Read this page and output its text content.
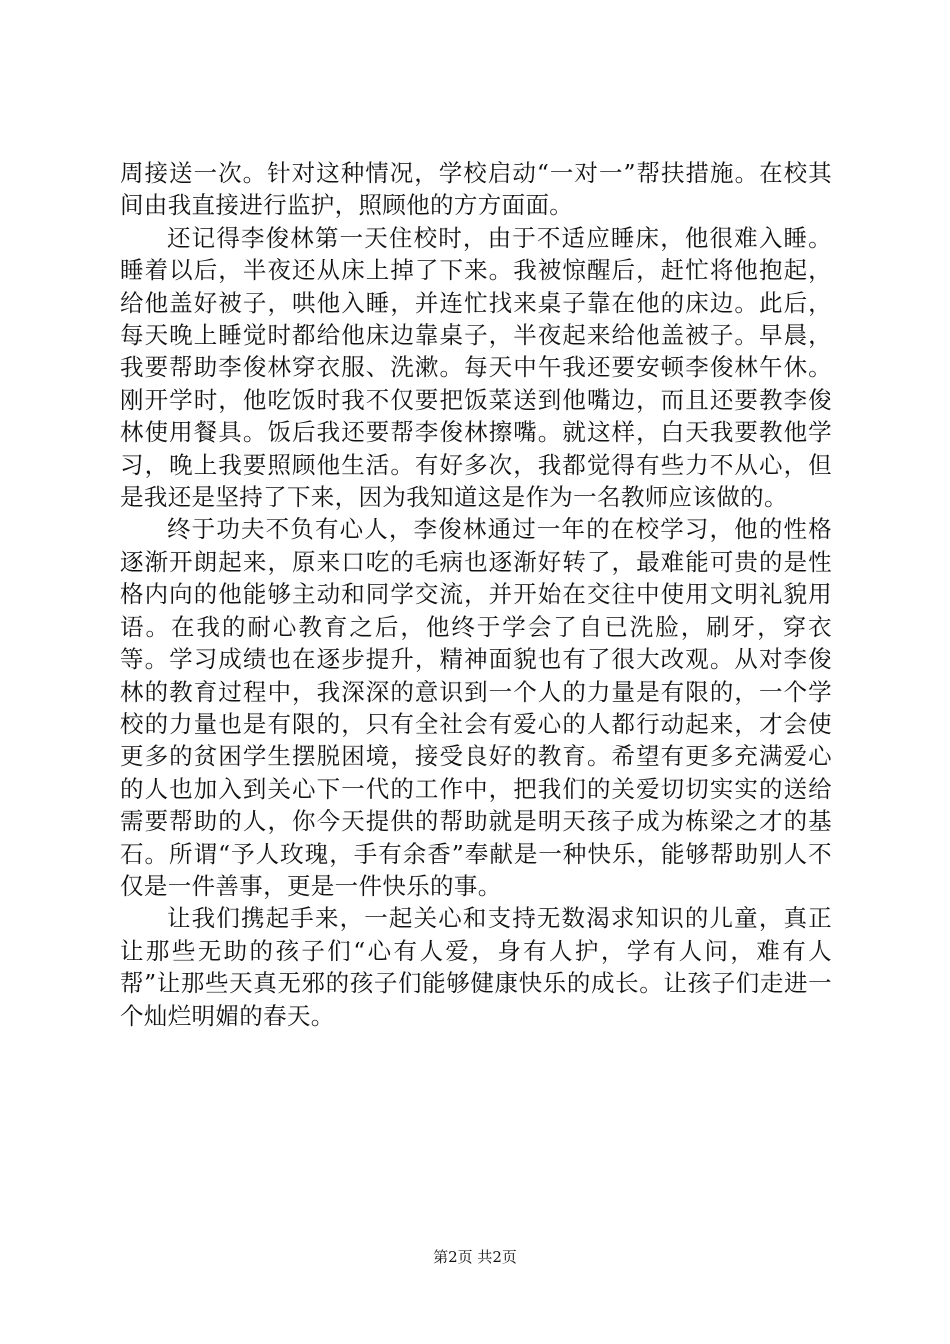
周接送一次。针对这种情况，学校启动“一对一”帮扶措施。在校其间由我直接进行监护，照顾他的方方面面。

还记得李俊林第一天住校时，由于不适应睡床，他很难入睡。睡着以后，半夜还从床上掉了下来。我被惊醒后，赶忙将他抱起，给他盖好被子，哄他入睡，并连忙找来桌子靠在他的床边。此后，每天晚上睡觉时都给他床边靠桌子，半夜起来给他盖被子。早晨，我要帮助李俊林穿衣服、洗漱。每天中午我还要安顿李俊林午休。刚开学时，他吃饭时我不仅要把饭菜送到他嘴边，而且还要教李俊林使用餐具。饭后我还要帮李俊林擦嘴。就这样，白天我要教他学习，晚上我要照顾他生活。有好多次，我都觉得有些力不从心，但是我还是坚持了下来，因为我知道这是作为一名教师应该做的。

终于功夫不负有心人，李俊林通过一年的在校学习，他的性格逐渐开朗起来，原来口吃的毛病也逐渐好转了，最难能可贵的是性格内向的他能够主动和同学交流，并开始在交往中使用文明礼貌用语。在我的耐心教育之后，他终于学会了自已洗脸，刷牙，穿衣等。学习成绩也在逐步提升，精神面貌也有了很大改观。从对李俊林的教育过程中，我深深的意识到一个人的力量是有限的，一个学校的力量也是有限的，只有全社会有爱心的人都行动起来，才会使更多的贫困学生摆脱困境，接受良好的教育。希望有更多充满爱心的人也加入到关心下一代的工作中，把我们的关爱切切实实的送给需要帮助的人，你今天提供的帮助就是明天孩子成为栋梁之才的基石。所谓“予人玫瑰，手有余香”奉献是一种快乐，能够帮助别人不仅是一件善事，更是一件快乐的事。

让我们携起手来，一起关心和支持无数渴求知识的儿童，真正让那些无助的孩子们“心有人爱，身有人护，学有人问，难有人帮”让那些天真无邪的孩子们能够健康快乐的成长。让孩子们走进一个灿烂明媚的春天。

第2页 共2页
